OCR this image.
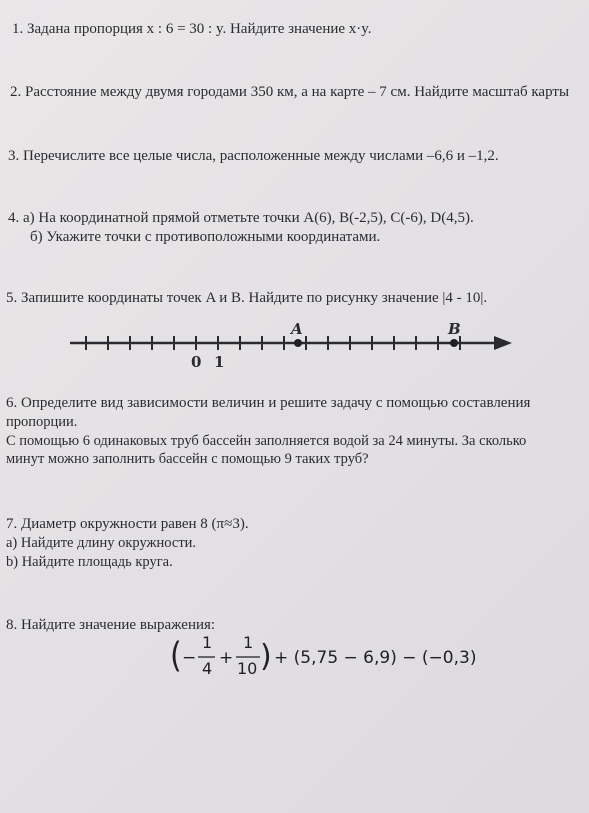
1. Задана пропорция x : 6 = 30 : y. Найдите значение x·y.
2. Расстояние между двумя городами 350 км, а на карте – 7 см. Найдите масштаб карты
3. Перечислите все целые числа, расположенные между числами –6,6 и –1,2.
4. а) На координатной прямой отметьте точки A(6), B(-2,5), C(-6), D(4,5).
б) Укажите точки с противоположными координатами.
5. Запишите координаты точек A и B. Найдите по рисунку значение |4 - 10|.
A	B
0 1
6. Определите вид зависимости величин и решите задачу с помощью составления
пропорции.
С помощью 6 одинаковых труб бассейн заполняется водой за 24 минуты. За сколько
минут можно заполнить бассейн с помощью 9 таких труб?
7. Диаметр окружности равен 8 (π≈3).
a) Найдите длину окружности.
b) Найдите площадь круга.
8. Найдите значение выражения:
( −
1
4
+
1
10 ) + (5,75 − 6,9) − (−0,3)
